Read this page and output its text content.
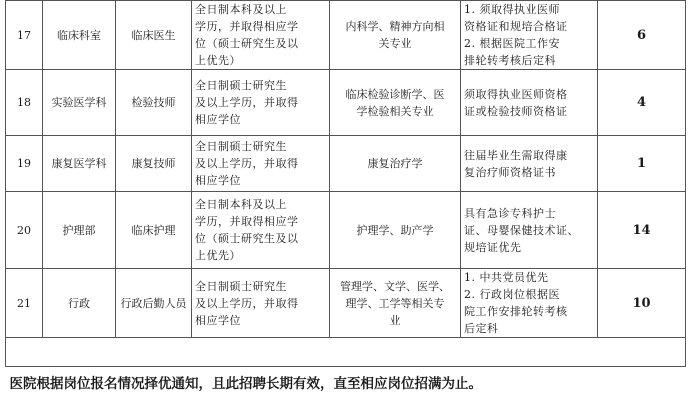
17	临床科室	临床医生	全日制本科及以上
学历，并取得相应学
位（硕士研究生及以
上优先）	内科学、精神方向相
关专业	1. 须取得执业医师
资格证和规培合格证
2. 根据医院工作安
排轮转考核后定科	6
18	实验医学科	检验技师	全日制硕士研究生
及以上学历，并取得
相应学位	临床检验诊断学、医
学检验相关专业	须取得执业医师资格
证或检验技师资格证	4
19	康复医学科	康复技师	全日制硕士研究生
及以上学历，并取得
相应学位	康复治疗学	往届毕业生需取得康
复治疗师资格证书	1
20	护理部	临床护理	全日制本科及以上
学历，并取得相应学
位（硕士研究生及以
上优先）	护理学、助产学	具有急诊专科护士
证、母婴保健技术证、
规培证优先	14
21	行政	行政后勤人员	全日制硕士研究生
及以上学历，并取得
相应学位	管理学、文学、医学、
理学、工学等相关专
业	1. 中共党员优先
2. 行政岗位根据医
院工作安排轮转考核
后定科	10

医院根据岗位报名情况择优通知，且此招聘长期有效，直至相应岗位招满为止。						
